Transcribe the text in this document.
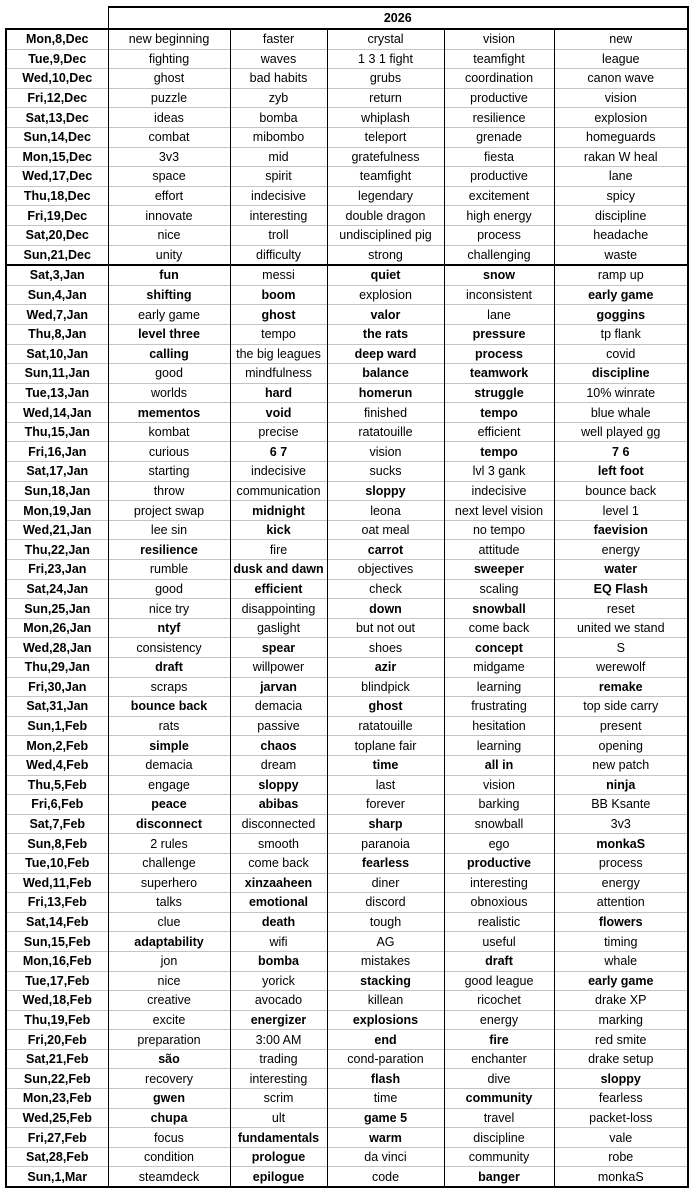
	2026				
Mon,8,Dec	new beginning	faster	crystal	vision	new
Tue,9,Dec	fighting	waves	1 3 1 fight	teamfight	league
Wed,10,Dec	ghost	bad habits	grubs	coordination	canon wave
Fri,12,Dec	puzzle	zyb	return	productive	vision
Sat,13,Dec	ideas	bomba	whiplash	resilience	explosion
Sun,14,Dec	combat	mibombo	teleport	grenade	homeguards
Mon,15,Dec	3v3	mid	gratefulness	fiesta	rakan W heal
Wed,17,Dec	space	spirit	teamfight	productive	lane
Thu,18,Dec	effort	indecisive	legendary	excitement	spicy
Fri,19,Dec	innovate	interesting	double dragon	high energy	discipline
Sat,20,Dec	nice	troll	undisciplined pig	process	headache
Sun,21,Dec	unity	difficulty	strong	challenging	waste
Sat,3,Jan	fun	messi	quiet	snow	ramp up
Sun,4,Jan	shifting	boom	explosion	inconsistent	early game
Wed,7,Jan	early game	ghost	valor	lane	goggins
Thu,8,Jan	level three	tempo	the rats	pressure	tp flank
Sat,10,Jan	calling	the big leagues	deep ward	process	covid
Sun,11,Jan	good	mindfulness	balance	teamwork	discipline
Tue,13,Jan	worlds	hard	homerun	struggle	10% winrate
Wed,14,Jan	mementos	void	finished	tempo	blue whale
Thu,15,Jan	kombat	precise	ratatouille	efficient	well played gg
Fri,16,Jan	curious	6 7	vision	tempo	7 6
Sat,17,Jan	starting	indecisive	sucks	lvl 3 gank	left foot
Sun,18,Jan	throw	communication	sloppy	indecisive	bounce back
Mon,19,Jan	project swap	midnight	leona	next level vision	level 1
Wed,21,Jan	lee sin	kick	oat meal	no tempo	faevision
Thu,22,Jan	resilience	fire	carrot	attitude	energy
Fri,23,Jan	rumble	dusk and dawn	objectives	sweeper	water
Sat,24,Jan	good	efficient	check	scaling	EQ Flash
Sun,25,Jan	nice try	disappointing	down	snowball	reset
Mon,26,Jan	ntyf	gaslight	but not out	come back	united we stand
Wed,28,Jan	consistency	spear	shoes	concept	S
Thu,29,Jan	draft	willpower	azir	midgame	werewolf
Fri,30,Jan	scraps	jarvan	blindpick	learning	remake
Sat,31,Jan	bounce back	demacia	ghost	frustrating	top side carry
Sun,1,Feb	rats	passive	ratatouille	hesitation	present
Mon,2,Feb	simple	chaos	toplane fair	learning	opening
Wed,4,Feb	demacia	dream	time	all in	new patch
Thu,5,Feb	engage	sloppy	last	vision	ninja
Fri,6,Feb	peace	abibas	forever	barking	BB Ksante
Sat,7,Feb	disconnect	disconnected	sharp	snowball	3v3
Sun,8,Feb	2 rules	smooth	paranoia	ego	monkaS
Tue,10,Feb	challenge	come back	fearless	productive	process
Wed,11,Feb	superhero	xinzaaheen	diner	interesting	energy
Fri,13,Feb	talks	emotional	discord	obnoxious	attention
Sat,14,Feb	clue	death	tough	realistic	flowers
Sun,15,Feb	adaptability	wifi	AG	useful	timing
Mon,16,Feb	jon	bomba	mistakes	draft	whale
Tue,17,Feb	nice	yorick	stacking	good league	early game
Wed,18,Feb	creative	avocado	killean	ricochet	drake XP
Thu,19,Feb	excite	energizer	explosions	energy	marking
Fri,20,Feb	preparation	3:00 AM	end	fire	red smite
Sat,21,Feb	são	trading	cond-paration	enchanter	drake setup
Sun,22,Feb	recovery	interesting	flash	dive	sloppy
Mon,23,Feb	gwen	scrim	time	community	fearless
Wed,25,Feb	chupa	ult	game 5	travel	packet-loss
Fri,27,Feb	focus	fundamentals	warm	discipline	vale
Sat,28,Feb	condition	prologue	da vinci	community	robe
Sun,1,Mar	steamdeck	epilogue	code	banger	monkaS
